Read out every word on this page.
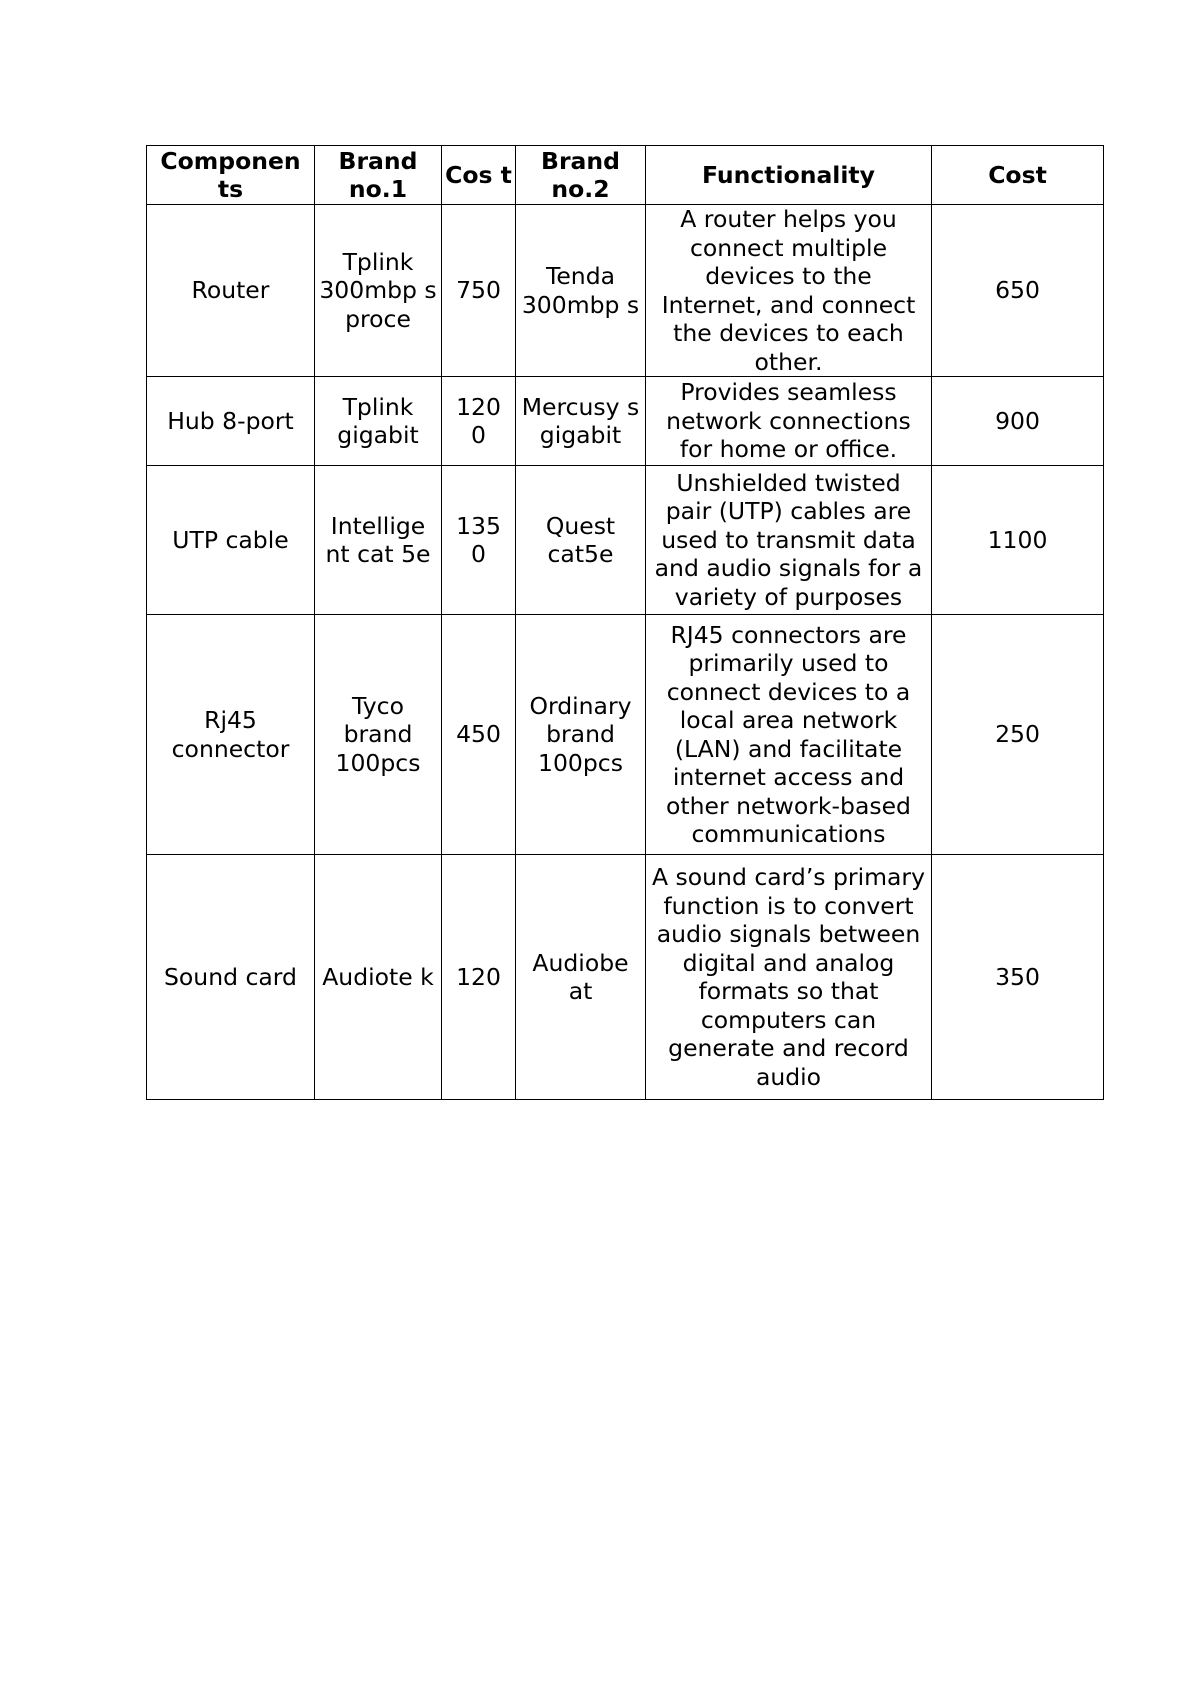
Componen ts	Brand no.1	Cos t	Brand no.2	Functionality	Cost
Router	Tplink 300mbp s proce	750	Tenda 300mbp s	A router helps you connect multiple devices to the Internet, and connect the devices to each other.	650
Hub 8-port	Tplink gigabit	120 0	Mercusy s gigabit	Provides seamless network connections for home or office.	900
UTP cable	Intellige nt cat 5e	135 0	Quest cat5e	Unshielded twisted pair (UTP) cables are used to transmit data and audio signals for a variety of purposes	1100
Rj45 connector	Tyco brand 100pcs	450	Ordinary brand 100pcs	RJ45 connectors are primarily used to connect devices to a local area network (LAN) and facilitate internet access and other network-based communications	250
Sound card	Audiote k	120	Audiobe at	A sound card’s primary function is to convert audio signals between digital and analog formats so that computers can generate and record audio	350
